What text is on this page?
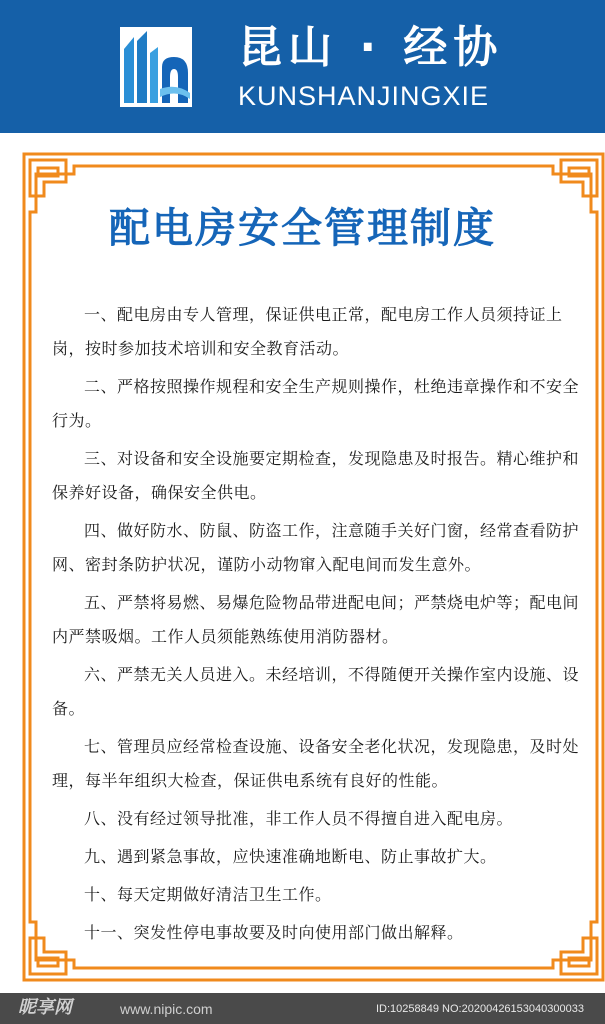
昆山 · 经协
KUNSHANJINGXIE
配电房安全管理制度
一、配电房由专人管理，保证供电正常，配电房工作人员须持证上岗，按时参加技术培训和安全教育活动。
二、严格按照操作规程和安全生产规则操作，杜绝违章操作和不安全行为。
三、对设备和安全设施要定期检查，发现隐患及时报告。精心维护和保养好设备，确保安全供电。
四、做好防水、防鼠、防盗工作，注意随手关好门窗，经常查看防护网、密封条防护状况，谨防小动物窜入配电间而发生意外。
五、严禁将易燃、易爆危险物品带进配电间；严禁烧电炉等；配电间内严禁吸烟。工作人员须能熟练使用消防器材。
六、严禁无关人员进入。未经培训，不得随便开关操作室内设施、设备。
七、管理员应经常检查设施、设备安全老化状况，发现隐患，及时处理，每半年组织大检查，保证供电系统有良好的性能。
八、没有经过领导批准，非工作人员不得擅自进入配电房。
九、遇到紧急事故，应快速准确地断电、防止事故扩大。
十、每天定期做好清洁卫生工作。
十一、突发性停电事故要及时向使用部门做出解释。
昵享网	www.nipic.com	ID:10258849 NO:20200426153040300033
